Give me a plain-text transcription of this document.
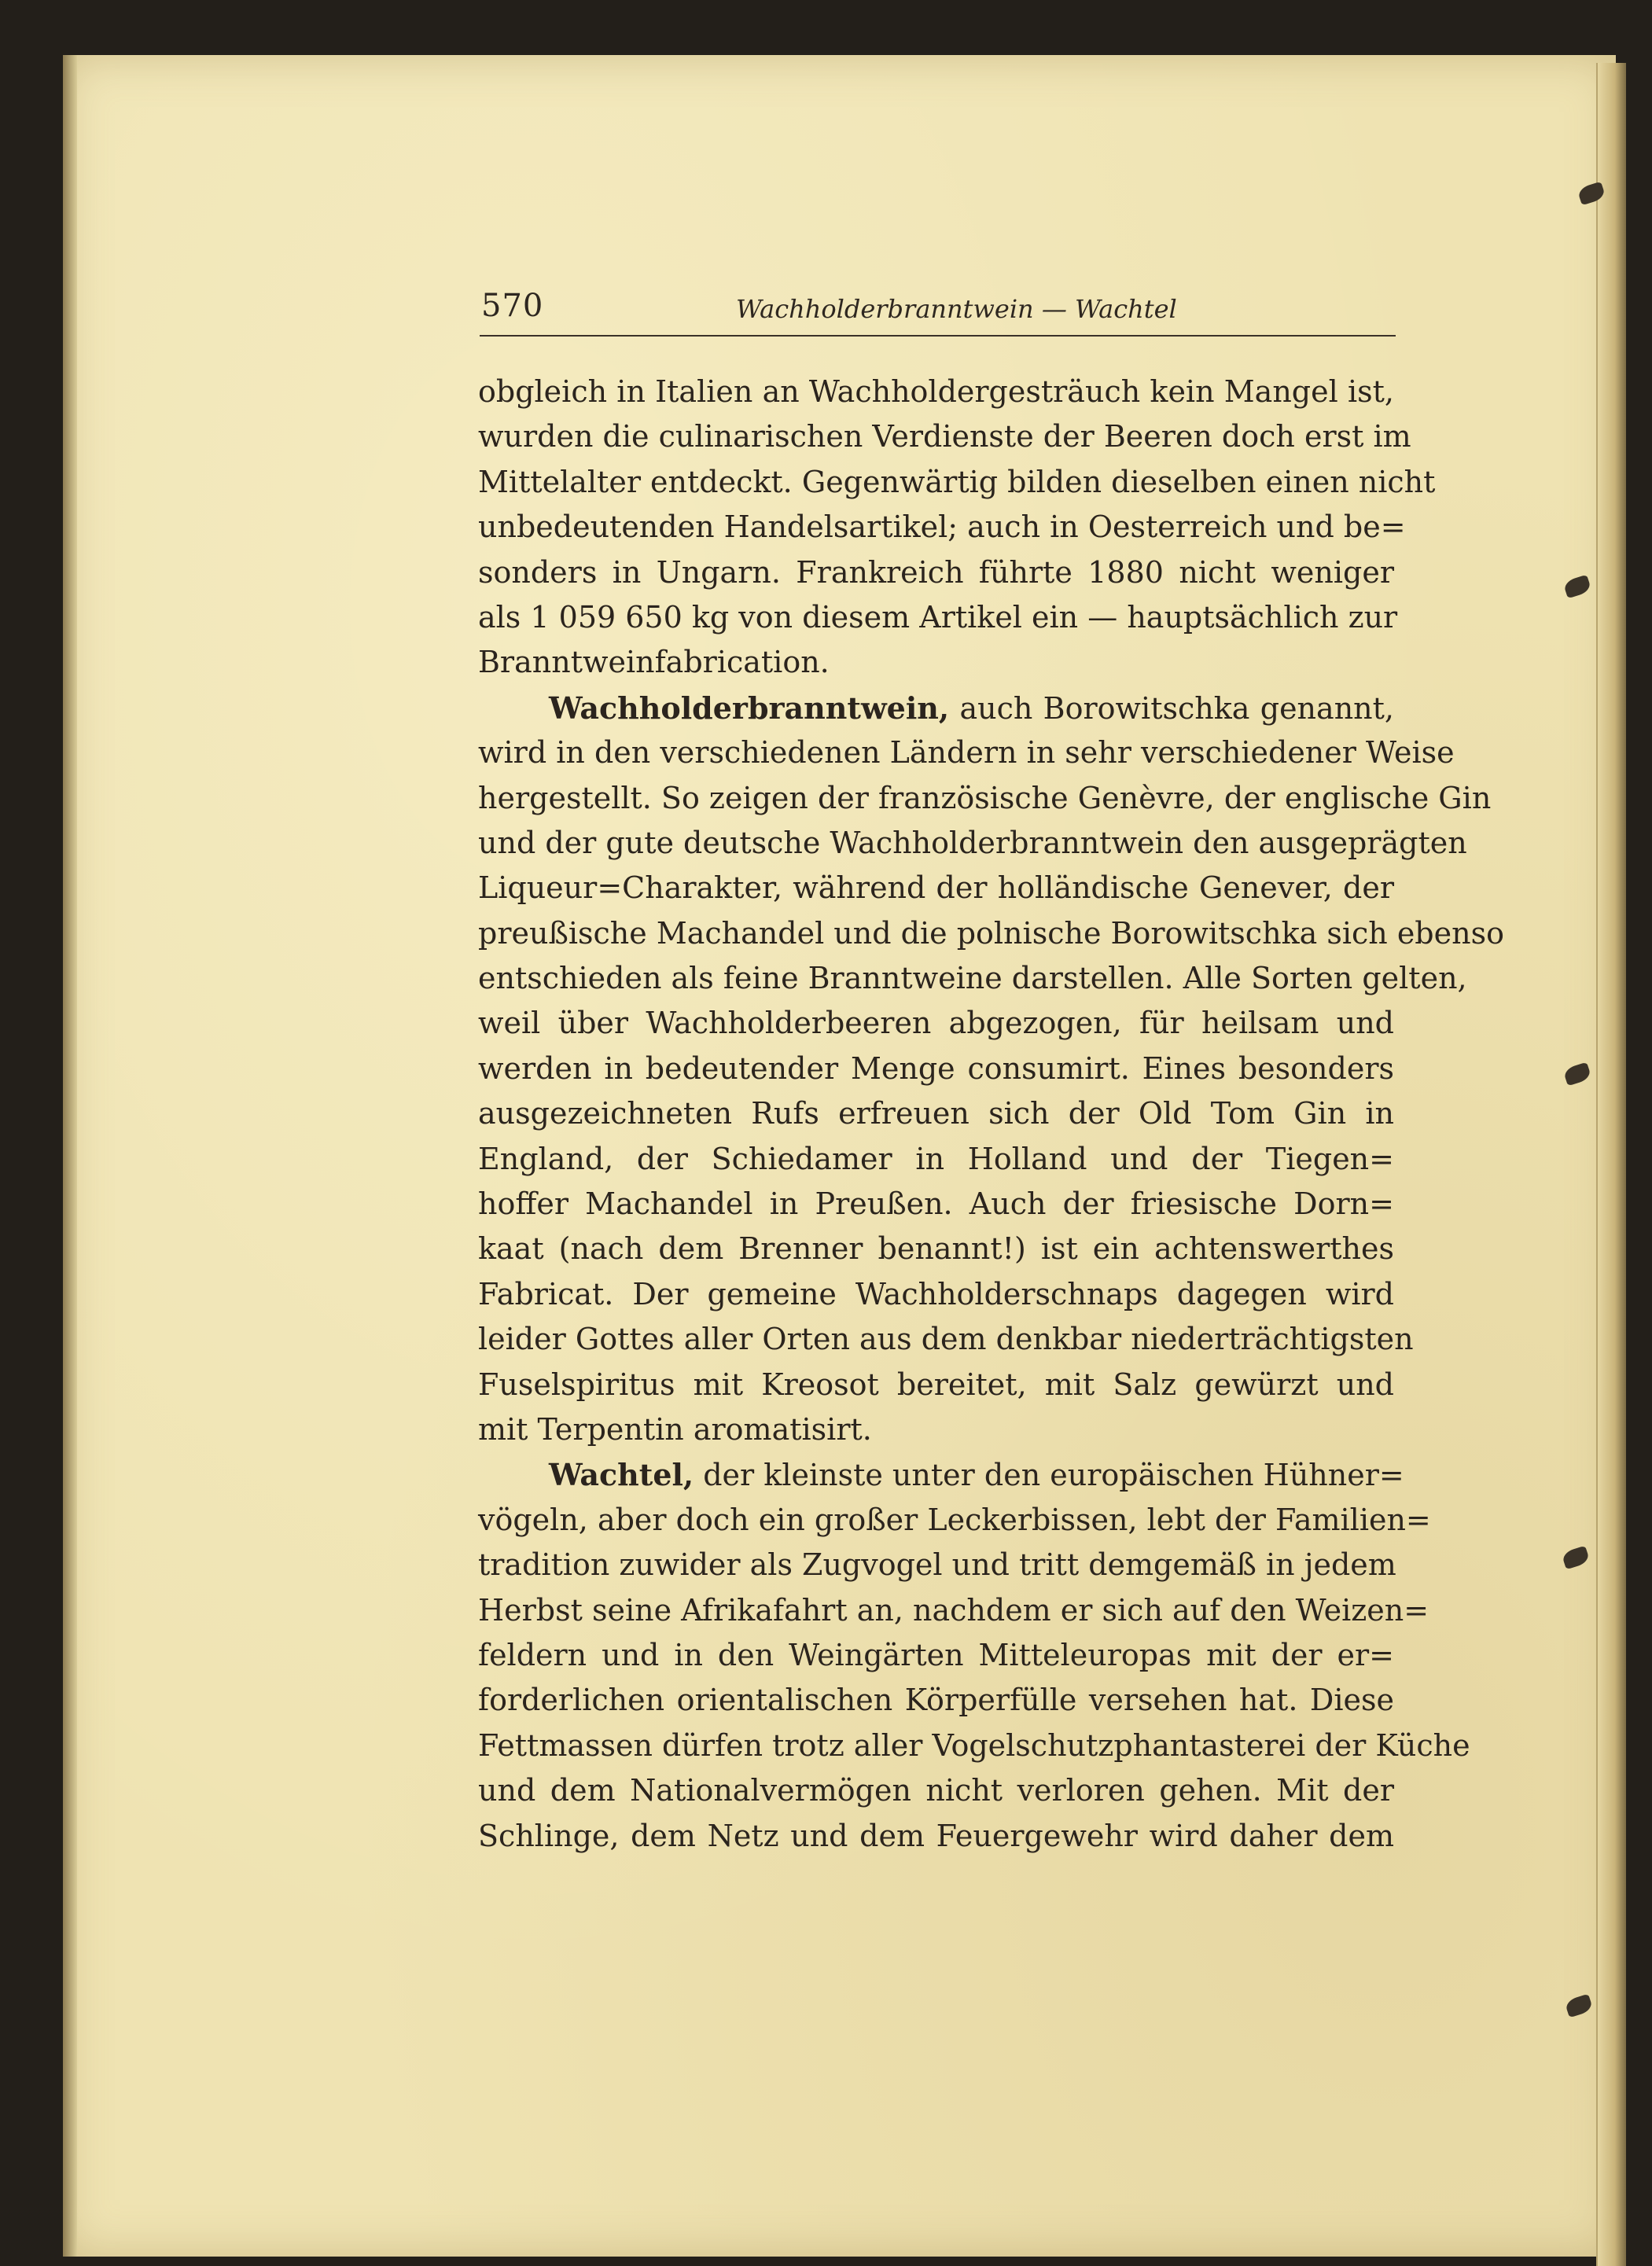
570	Wachholderbranntwein — Wachtel
obgleich in Italien an Wachholdergesträuch kein Mangel ist,
wurden die culinarischen Verdienste der Beeren doch erst im
Mittelalter entdeckt. Gegenwärtig bilden dieselben einen nicht
unbedeutenden Handelsartikel; auch in Oesterreich und be=
sonders in Ungarn. Frankreich führte 1880 nicht weniger
als 1 059 650 kg von diesem Artikel ein — hauptsächlich zur
Branntweinfabrication.
Wachholderbranntwein, auch Borowitschka genannt,
wird in den verschiedenen Ländern in sehr verschiedener Weise
hergestellt. So zeigen der französische Genèvre, der englische Gin
und der gute deutsche Wachholderbranntwein den ausgeprägten
Liqueur=Charakter, während der holländische Genever, der
preußische Machandel und die polnische Borowitschka sich ebenso
entschieden als feine Branntweine darstellen. Alle Sorten gelten,
weil über Wachholderbeeren abgezogen, für heilsam und
werden in bedeutender Menge consumirt. Eines besonders
ausgezeichneten Rufs erfreuen sich der Old Tom Gin in
England, der Schiedamer in Holland und der Tiegen=
hoffer Machandel in Preußen. Auch der friesische Dorn=
kaat (nach dem Brenner benannt!) ist ein achtenswerthes
Fabricat. Der gemeine Wachholderschnaps dagegen wird
leider Gottes aller Orten aus dem denkbar niederträchtigsten
Fuselspiritus mit Kreosot bereitet, mit Salz gewürzt und
mit Terpentin aromatisirt.
Wachtel, der kleinste unter den europäischen Hühner=
vögeln, aber doch ein großer Leckerbissen, lebt der Familien=
tradition zuwider als Zugvogel und tritt demgemäß in jedem
Herbst seine Afrikafahrt an, nachdem er sich auf den Weizen=
feldern und in den Weingärten Mitteleuropas mit der er=
forderlichen orientalischen Körperfülle versehen hat. Diese
Fettmassen dürfen trotz aller Vogelschutzphantasterei der Küche
und dem Nationalvermögen nicht verloren gehen. Mit der
Schlinge, dem Netz und dem Feuergewehr wird daher dem
